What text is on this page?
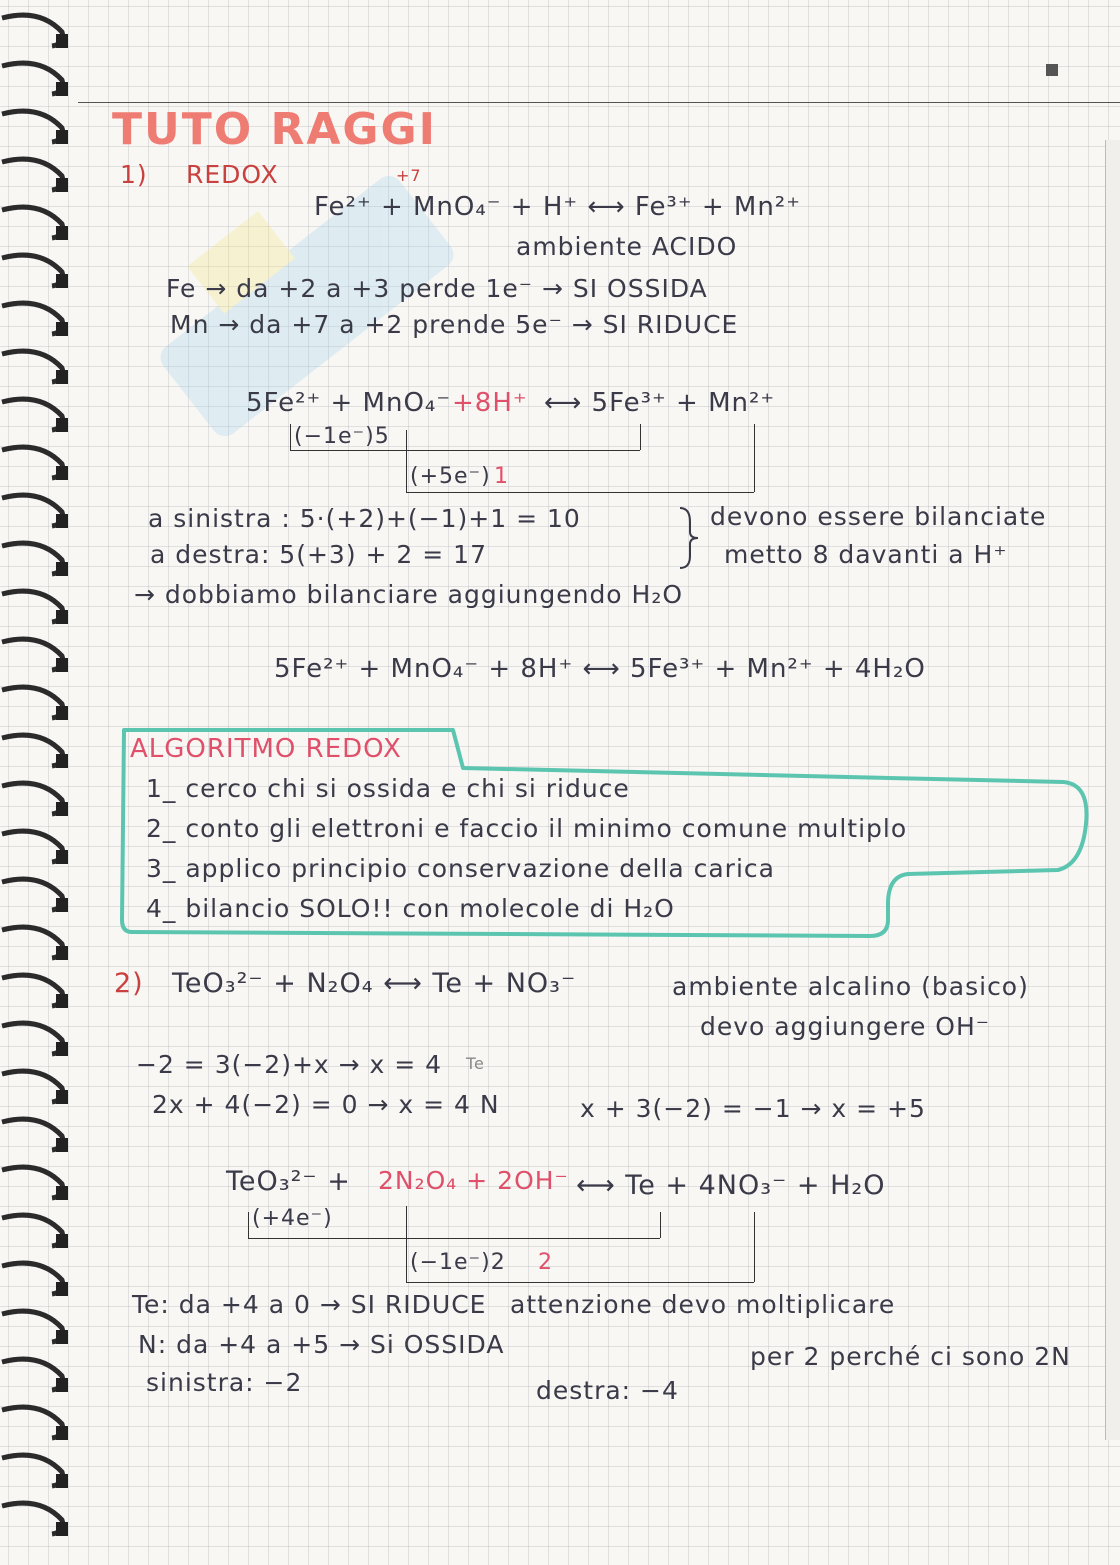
TUTO RAGGI
1) REDOX	+7
Fe²⁺ + MnO₄⁻ + H⁺ ⟷ Fe³⁺ + Mn²⁺
ambiente ACIDO
Fe → da +2 a +3 perde 1e⁻ → SI OSSIDA
Mn → da +7 a +2 prende 5e⁻ → SI RIDUCE
5Fe²⁺ + MnO₄⁻ +8H⁺ ⟷ 5Fe³⁺ + Mn²⁺
(−1e⁻)5
(+5e⁻) 1
a sinistra : 5·(+2)+(−1)+1 = 10
a destra: 5(+3) + 2 = 17
devono essere bilanciate
metto 8 davanti a H⁺
→ dobbiamo bilanciare aggiungendo H₂O
5Fe²⁺ + MnO₄⁻ + 8H⁺ ⟷ 5Fe³⁺ + Mn²⁺ + 4H₂O
ALGORITMO REDOX
1_ cerco chi si ossida e chi si riduce
2_ conto gli elettroni e faccio il minimo comune multiplo
3_ applico principio conservazione della carica
4_ bilancio SOLO!! con molecole di H₂O
2) TeO₃²⁻ + N₂O₄ ⟷ Te + NO₃⁻	ambiente alcalino (basico)
devo aggiungere OH⁻
−2 = 3(−2)+x → x = 4 Te
2x + 4(−2) = 0 → x = 4 N	x + 3(−2) = −1 → x = +5
TeO₃²⁻ + 2N₂O₄ + 2OH⁻ ⟷ Te + 4NO₃⁻ + H₂O
(+4e⁻)
(−1e⁻)2 2
Te: da +4 a 0 → SI RIDUCE
N: da +4 a +5 → Si OSSIDA
attenzione devo moltiplicare
per 2 perché ci sono 2N
sinistra: −2	destra: −4
